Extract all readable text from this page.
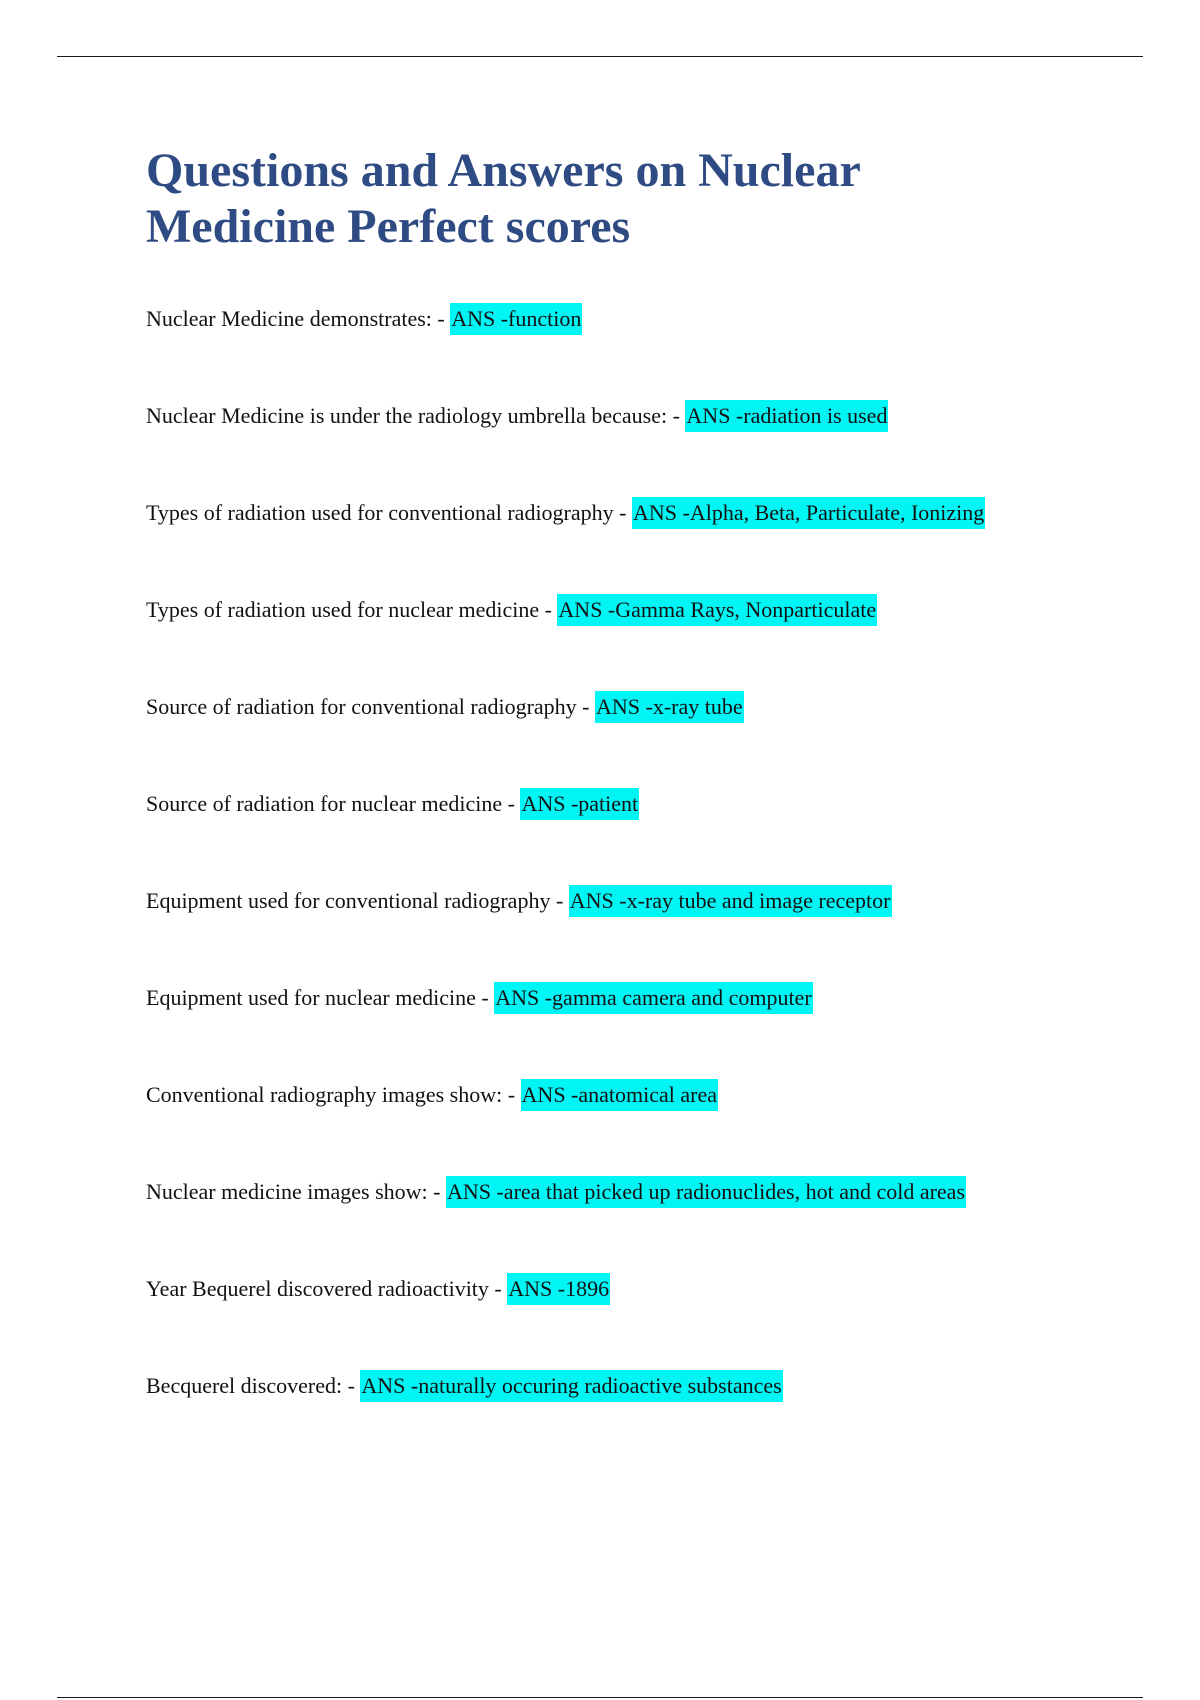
Questions and Answers on Nuclear
Medicine Perfect scores
Nuclear Medicine demonstrates: - ANS -function
Nuclear Medicine is under the radiology umbrella because: - ANS -radiation is used
Types of radiation used for conventional radiography - ANS -Alpha, Beta, Particulate, Ionizing
Types of radiation used for nuclear medicine - ANS -Gamma Rays, Nonparticulate
Source of radiation for conventional radiography - ANS -x-ray tube
Source of radiation for nuclear medicine - ANS -patient
Equipment used for conventional radiography - ANS -x-ray tube and image receptor
Equipment used for nuclear medicine - ANS -gamma camera and computer
Conventional radiography images show: - ANS -anatomical area
Nuclear medicine images show: - ANS -area that picked up radionuclides, hot and cold areas
Year Bequerel discovered radioactivity - ANS -1896
Becquerel discovered: - ANS -naturally occuring radioactive substances
